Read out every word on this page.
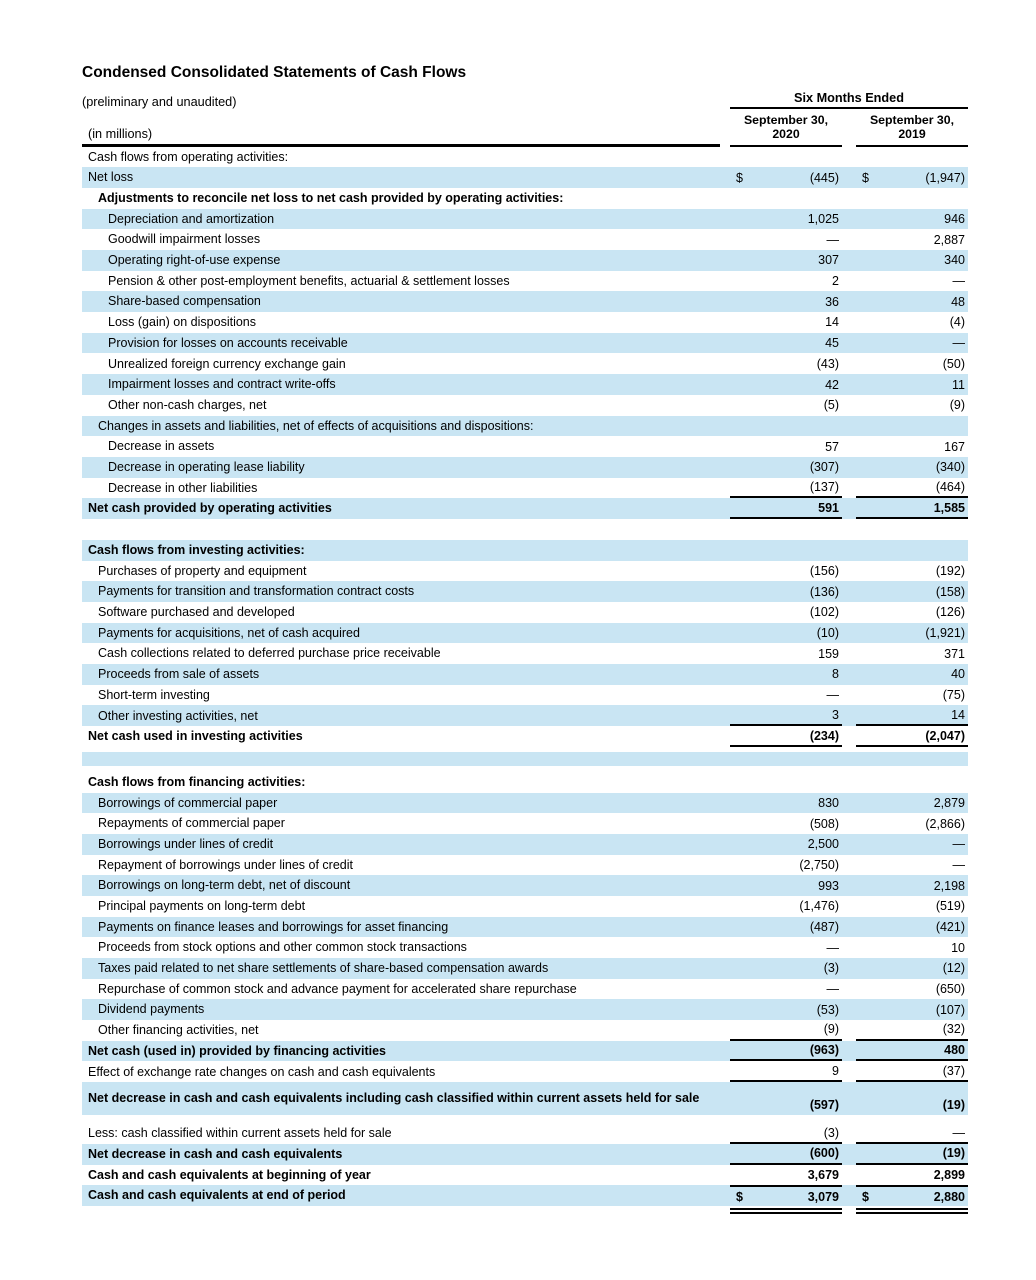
Condensed Consolidated Statements of Cash Flows
(preliminary and unaudited)	Six Months Ended
(in millions)
September 30,
2020
September 30,
2019
Cash flows from operating activities:
Net loss	$	(445) $	(1,947)
Adjustments to reconcile net loss to net cash provided by operating activities:
Depreciation and amortization	1,025	946
Goodwill impairment losses	—	2,887
Operating right-of-use expense	307	340
Pension & other post-employment benefits, actuarial & settlement losses	2	—
Share-based compensation	36	48
Loss (gain) on dispositions	14	(4)
Provision for losses on accounts receivable	45	—
Unrealized foreign currency exchange gain	(43)	(50)
Impairment losses and contract write-offs	42	11
Other non-cash charges, net	(5)	(9)
Changes in assets and liabilities, net of effects of acquisitions and dispositions:
Decrease in assets	57	167
Decrease in operating lease liability	(307)	(340)
Decrease in other liabilities	(137)	(464)
Net cash provided by operating activities	591	1,585
Cash flows from investing activities:
Purchases of property and equipment	(156)	(192)
Payments for transition and transformation contract costs	(136)	(158)
Software purchased and developed	(102)	(126)
Payments for acquisitions, net of cash acquired	(10)	(1,921)
Cash collections related to deferred purchase price receivable	159	371
Proceeds from sale of assets	8	40
Short-term investing	—	(75)
Other investing activities, net	3	14
Net cash used in investing activities	(234)	(2,047)
Cash flows from financing activities:
Borrowings of commercial paper	830	2,879
Repayments of commercial paper	(508)	(2,866)
Borrowings under lines of credit	2,500	—
Repayment of borrowings under lines of credit	(2,750)	—
Borrowings on long-term debt, net of discount	993	2,198
Principal payments on long-term debt	(1,476)	(519)
Payments on finance leases and borrowings for asset financing	(487)	(421)
Proceeds from stock options and other common stock transactions	—	10
Taxes paid related to net share settlements of share-based compensation awards	(3)	(12)
Repurchase of common stock and advance payment for accelerated share repurchase	—	(650)
Dividend payments	(53)	(107)
Other financing activities, net	(9)	(32)
Net cash (used in) provided by financing activities	(963)	480
Effect of exchange rate changes on cash and cash equivalents	9	(37)
Net decrease in cash and cash equivalents including cash classified within current assets held for sale	(597)	(19)
Less: cash classified within current assets held for sale	(3)	—
Net decrease in cash and cash equivalents	(600)	(19)
Cash and cash equivalents at beginning of year	3,679	2,899
Cash and cash equivalents at end of period	$	3,079 $	2,880
